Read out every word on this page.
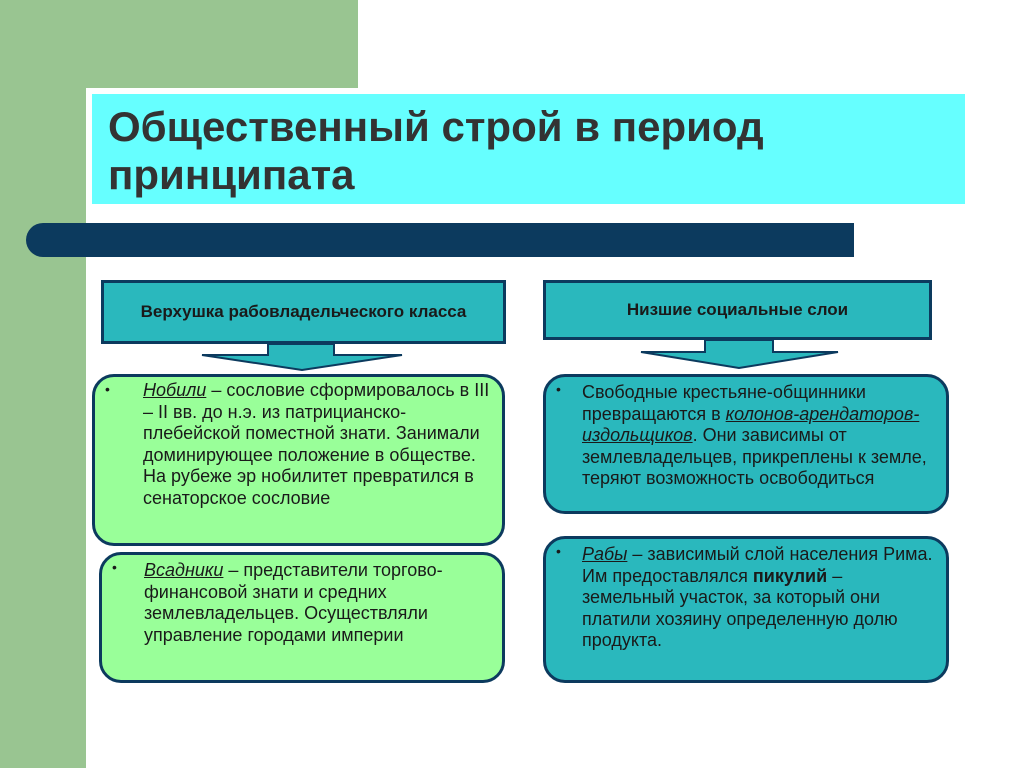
Общественный строй в период принципата
Верхушка рабовладельческого класса	Низшие социальные слои
• Нобили – сословие сформировалось в III – II вв. до н.э. из патрицианско-плебейской поместной знати. Занимали доминирующее положение в обществе. На рубеже эр нобилитет превратился в сенаторское сословие
• Всадники – представители торгово-финансовой знати и средних землевладельцев. Осуществляли управление городами империи
• Свободные крестьяне-общинники превращаются в колонов-арендаторов-издольщиков. Они зависимы от землевладельцев, прикреплены к земле, теряют возможность освободиться
• Рабы – зависимый слой населения Рима. Им предоставлялся пикулий – земельный участок, за который они платили хозяину определенную долю продукта.
